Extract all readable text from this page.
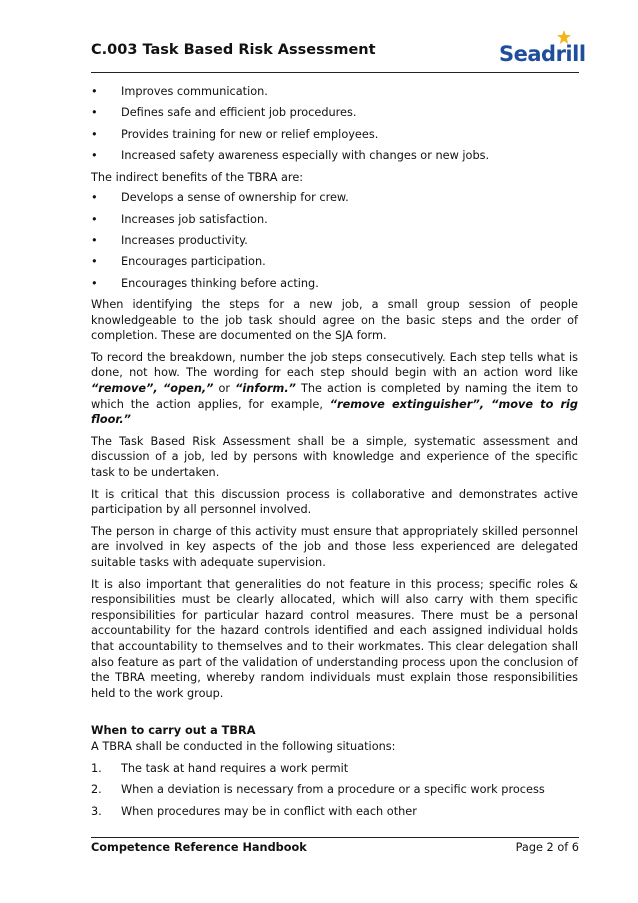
C.003 Task Based Risk Assessment	Seadrill
• Improves communication.
• Defines safe and efficient job procedures.
• Provides training for new or relief employees.
• Increased safety awareness especially with changes or new jobs.

The indirect benefits of the TBRA are:

• Develops a sense of ownership for crew.
• Increases job satisfaction.
• Increases productivity.
• Encourages participation.
• Encourages thinking before acting.

When identifying the steps for a new job, a small group session of people knowledgeable to the job task should agree on the basic steps and the order of completion. These are documented on the SJA form.

To record the breakdown, number the job steps consecutively. Each step tells what is done, not how. The wording for each step should begin with an action word like “remove”, “open,” or “inform.” The action is completed by naming the item to which the action applies, for example, “remove extinguisher”, “move to rig floor.”

The Task Based Risk Assessment shall be a simple, systematic assessment and discussion of a job, led by persons with knowledge and experience of the specific task to be undertaken.

It is critical that this discussion process is collaborative and demonstrates active participation by all personnel involved.

The person in charge of this activity must ensure that appropriately skilled personnel are involved in key aspects of the job and those less experienced are delegated suitable tasks with adequate supervision.

It is also important that generalities do not feature in this process; specific roles & responsibilities must be clearly allocated, which will also carry with them specific responsibilities for particular hazard control measures. There must be a personal accountability for the hazard controls identified and each assigned individual holds that accountability to themselves and to their workmates. This clear delegation shall also feature as part of the validation of understanding process upon the conclusion of the TBRA meeting, whereby random individuals must explain those responsibilities held to the work group.

When to carry out a TBRA

A TBRA shall be conducted in the following situations:

1. The task at hand requires a work permit
2. When a deviation is necessary from a procedure or a specific work process
3. When procedures may be in conflict with each other
Competence Reference Handbook	Page 2 of 6
